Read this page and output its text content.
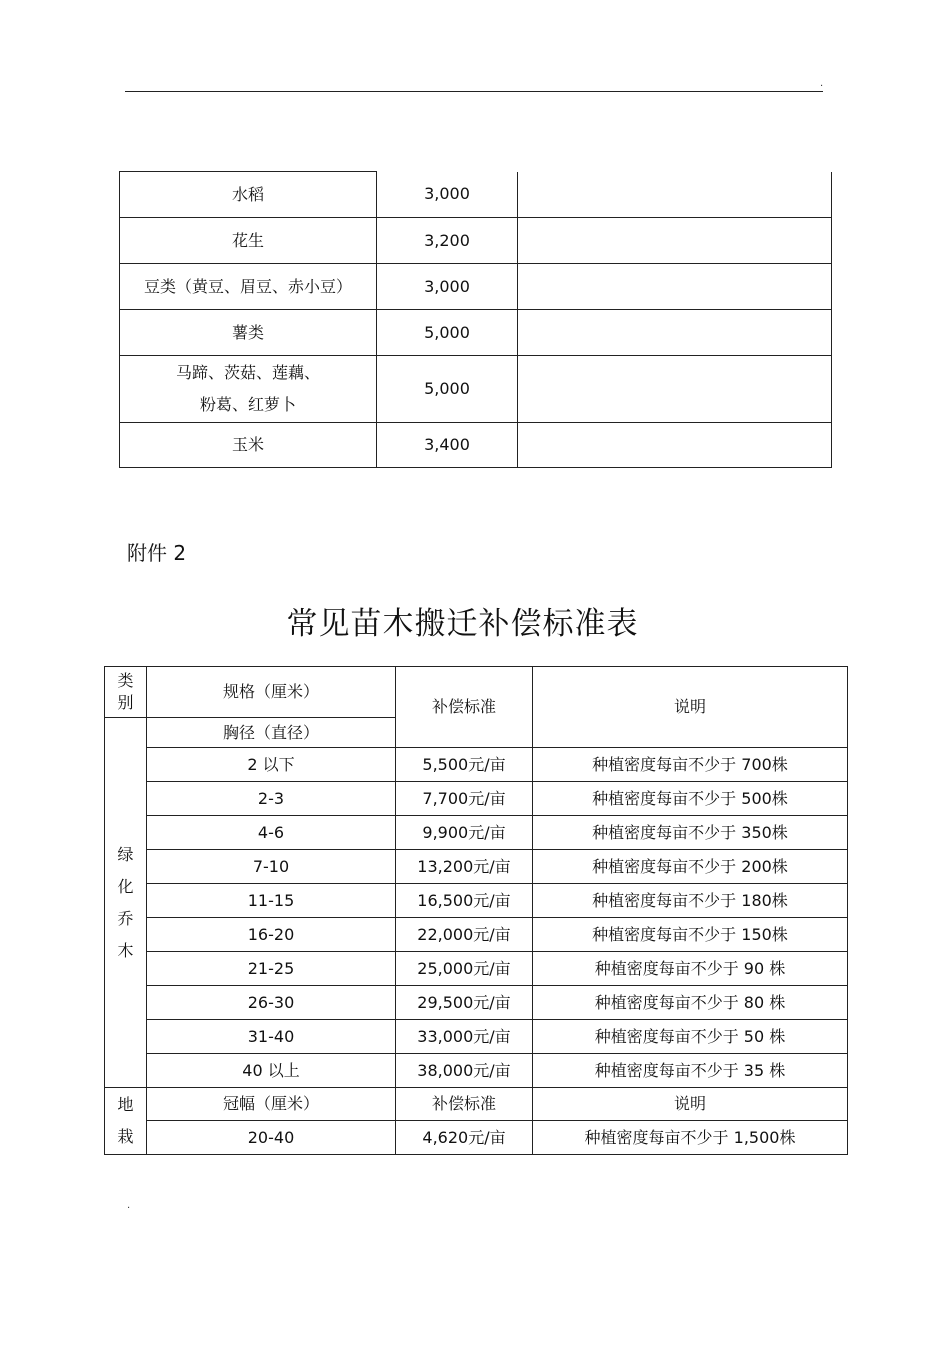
.
水稻	3,000	
花生	3,200	
豆类（黄豆、眉豆、赤小豆）	3,000	
薯类	5,000	

马蹄、茨菇、莲藕、
粉葛、红萝卜	5,000	
玉米	3,400	
附件 2
常见苗木搬迁补偿标准表
类
别	规格（厘米）	补偿标准	说明

绿
化
乔
木	胸径（直径）		
	2 以下	5,500元/亩	种植密度每亩不少于 700株
	2-3	7,700元/亩	种植密度每亩不少于 500株
	4-6	9,900元/亩	种植密度每亩不少于 350株
	7-10	13,200元/亩	种植密度每亩不少于 200株
	11-15	16,500元/亩	种植密度每亩不少于 180株
	16-20	22,000元/亩	种植密度每亩不少于 150株
	21-25	25,000元/亩	种植密度每亩不少于 90 株
	26-30	29,500元/亩	种植密度每亩不少于 80 株
	31-40	33,000元/亩	种植密度每亩不少于 50 株
	40 以上	38,000元/亩	种植密度每亩不少于 35 株

地
栽	冠幅（厘米）	补偿标准	说明
	20-40	4,620元/亩	种植密度每亩不少于 1,500株
.
